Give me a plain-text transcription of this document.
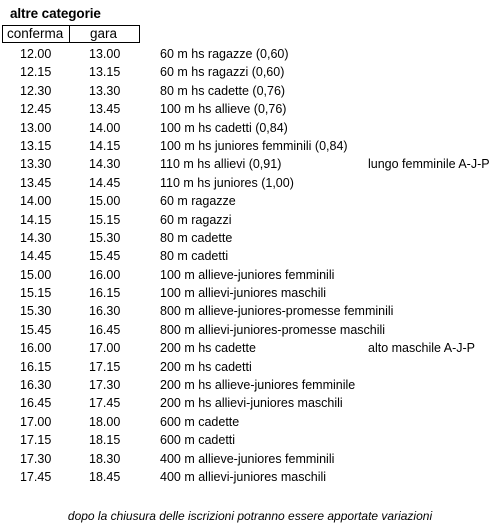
altre categorie
conferma	gara
12.00	13.00	60 m hs ragazze (0,60)
12.15	13.15	60 m hs ragazzi (0,60)
12.30	13.30	80 m hs cadette (0,76)
12.45	13.45	100 m hs allieve (0,76)
13.00	14.00	100 m hs cadetti (0,84)
13.15	14.15	100 m hs juniores femminili (0,84)
13.30	14.30	110 m hs allievi (0,91)	lungo femminile A-J-P
13.45	14.45	110 m hs juniores (1,00)
14.00	15.00	60 m ragazze
14.15	15.15	60 m ragazzi
14.30	15.30	80 m cadette
14.45	15.45	80 m cadetti
15.00	16.00	100 m allieve-juniores femminili
15.15	16.15	100 m allievi-juniores maschili
15.30	16.30	800 m allieve-juniores-promesse femminili
15.45	16.45	800 m allievi-juniores-promesse maschili
16.00	17.00	200 m hs cadette	alto maschile A-J-P
16.15	17.15	200 m hs cadetti
16.30	17.30	200 m hs allieve-juniores femminile
16.45	17.45	200 m hs allievi-juniores maschili
17.00	18.00	600 m cadette
17.15	18.15	600 m cadetti
17.30	18.30	400 m allieve-juniores femminili
17.45	18.45	400 m allievi-juniores maschili
dopo la chiusura delle iscrizioni potranno essere apportate variazioni
